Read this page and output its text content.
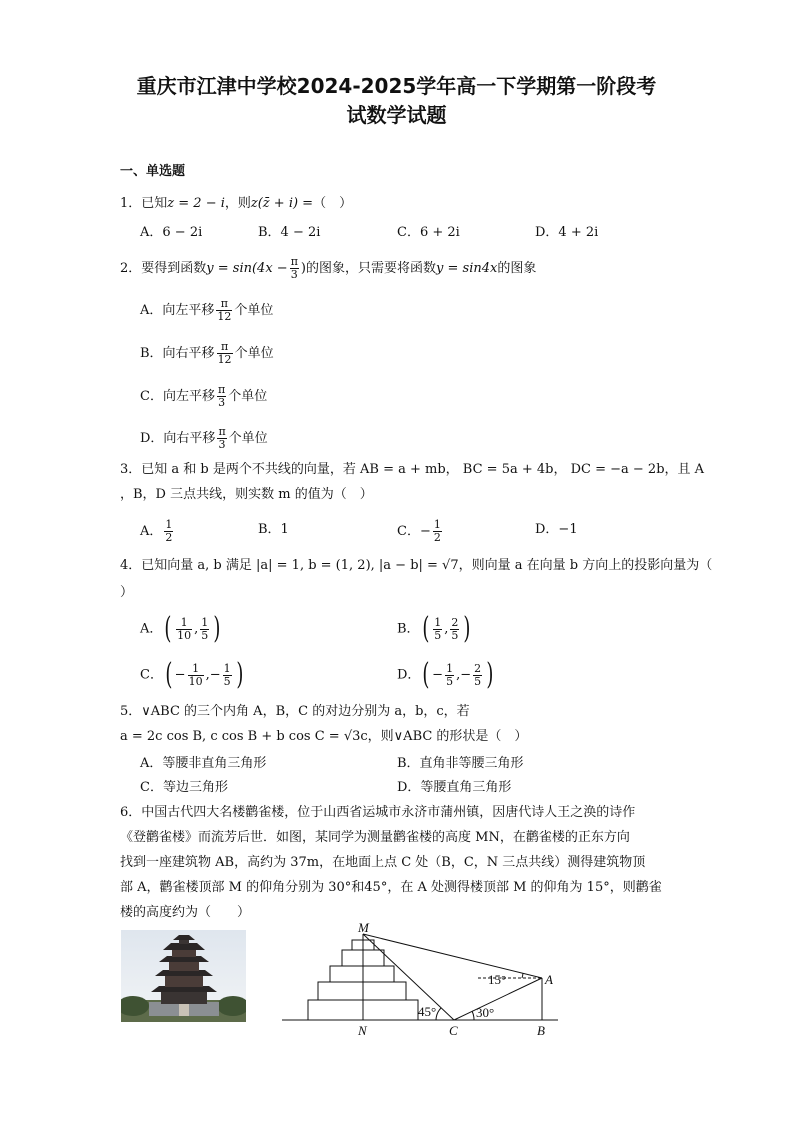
重庆市江津中学校2024-2025学年高一下学期第一阶段考
试数学试题
一、单选题
1．已知z = 2 − i，则z(z̄ + i) =（　）
A．6 − 2i	B．4 − 2i	C．6 + 2i	D．4 + 2i
2．要得到函数$y = \sin(4x - \frac{\pi}{3}$ )的图象，只需要将函数y = sin4x的图象
A．向左平移 $\frac{\pi}{12}$ 个单位
B．向右平移 $\frac{\pi}{12}$ 个单位
C．向左平移 $\frac{\pi}{3}$ 个单位
D．向右平移 $\frac{\pi}{3}$ 个单位
3．已知 a 和 b 是两个不共线的向量，若 AB = a + mb， BC = 5a + 4b， DC = −a − 2b，且 A
，B，D 三点共线，则实数 m 的值为（　）
A． $\frac{1}{2}$	B．1	C．− $\frac{1}{2}$	D．−1
4．已知向量 a, b 满足 |a| = 1, b = (1, 2), |a − b| = √7，则向量 a 在向量 b 方向上的投影向量为（
）
A．( $\frac{1}{10}$ , $\frac{1}{5}$ )	B．( $\frac{1}{5}$ , $\frac{2}{5}$ )
C．( − $\frac{1}{10}$ ,− $\frac{1}{5}$ )	D．( − $\frac{1}{5}$ ,− $\frac{2}{5}$ )
5．∨ABC 的三个内角 A，B，C 的对边分别为 a，b，c，若
a = 2c cos B, c cos B + b cos C = √3c，则∨ABC 的形状是（　）
A．等腰非直角三角形	B．直角非等腰三角形
C．等边三角形	D．等腰直角三角形
6．中国古代四大名楼鹳雀楼，位于山西省运城市永济市蒲州镇，因唐代诗人王之涣的诗作
《登鹳雀楼》而流芳后世．如图，某同学为测量鹳雀楼的高度 MN，在鹳雀楼的正东方向
找到一座建筑物 AB，高约为 37m，在地面上点 C 处（B，C，N 三点共线）测得建筑物顶
部 A，鹳雀楼顶部 M 的仰角分别为 30°和45°，在 A 处测得楼顶部 M 的仰角为 15°，则鹳雀
楼的高度约为（　　）
M
A
N	C	B
15°
45°	30°
